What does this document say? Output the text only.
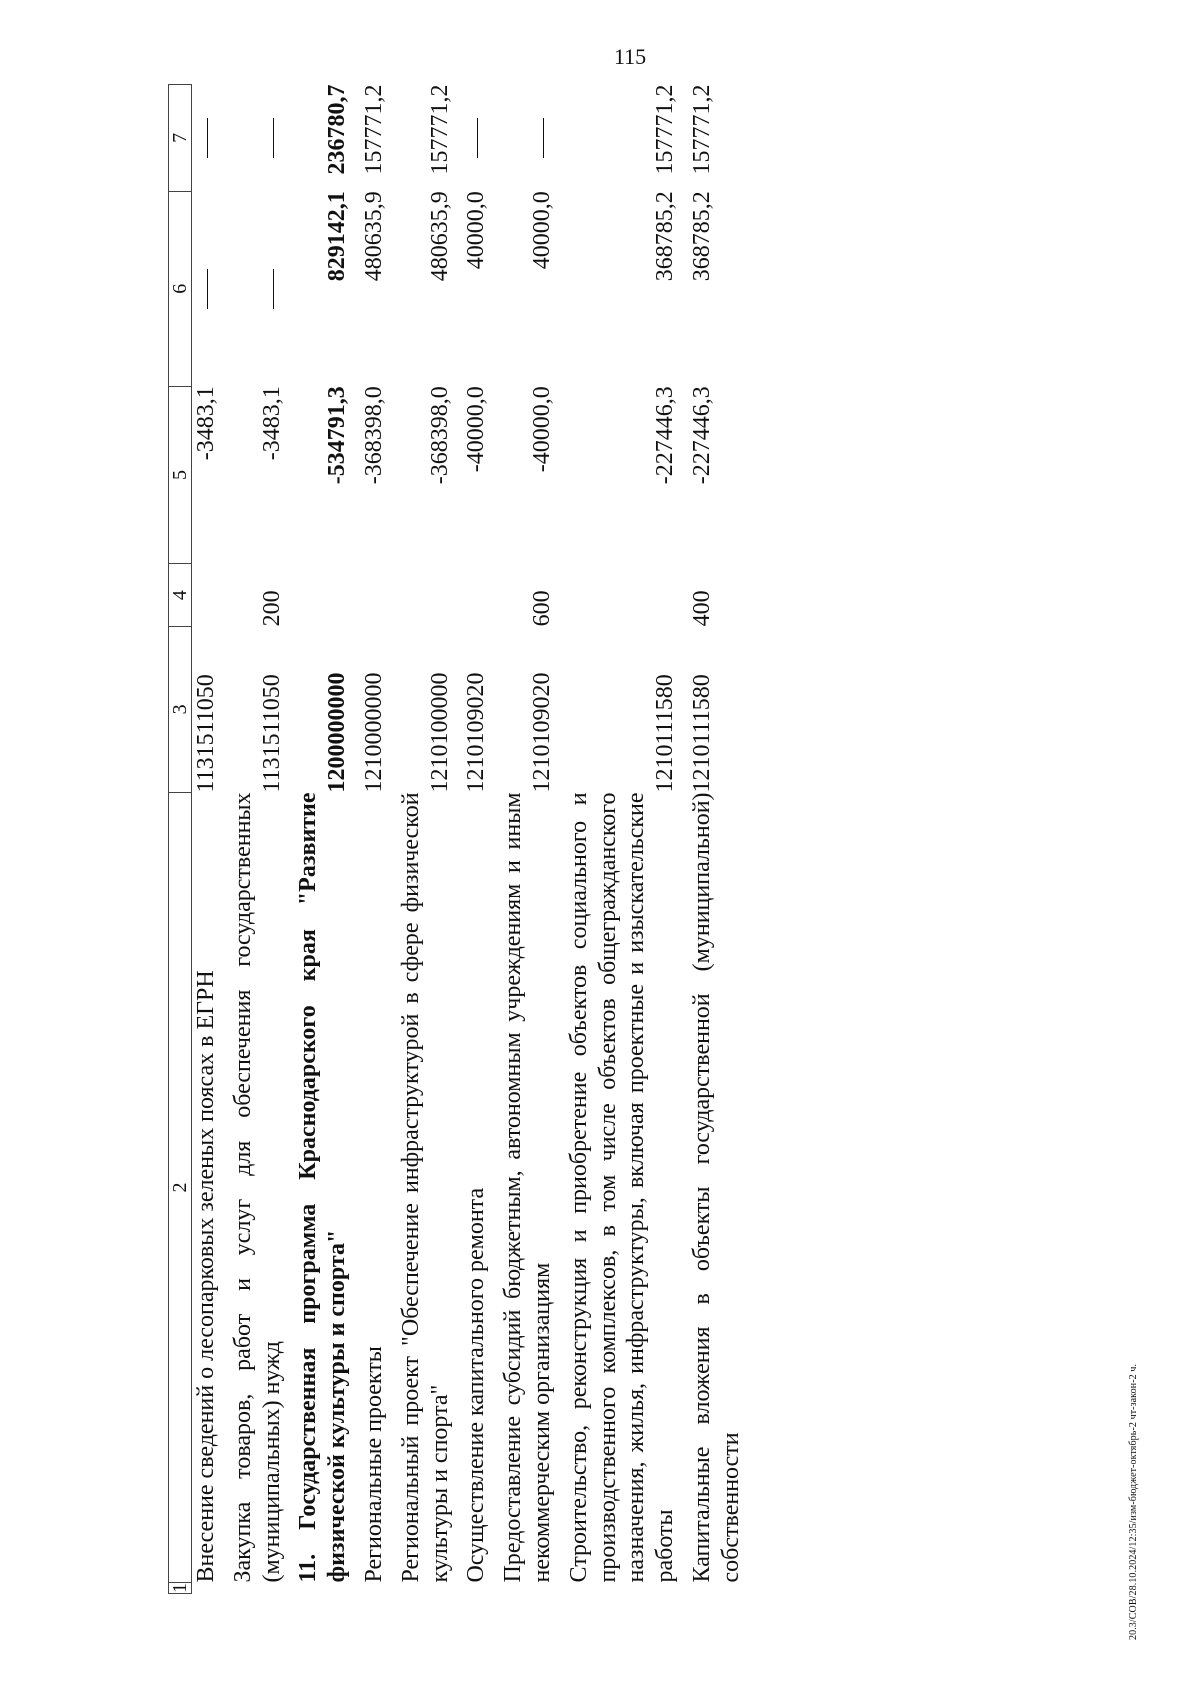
115
1	2	3	4	5	6	7
	Внесение сведений о лесопарковых зеленых поясах в ЕГРН	1131511050		-3483,1		
	Закупка товаров, работ и услуг для обеспечения государственных (муниципальных) нужд	1131511050	200	-3483,1		
	11. Государственная программа Краснодарского края "Развитие физической культуры и спорта"	1200000000		-534791,3	829142,1	236780,7
	Региональные проекты	1210000000		-368398,0	480635,9	157771,2
	Региональный проект "Обеспечение инфраструктурой в сфере физической культуры и спорта"	1210100000		-368398,0	480635,9	157771,2
	Осуществление капитального ремонта	1210109020		-40000,0	40000,0	
	Предоставление субсидий бюджетным, автономным учреждениям и иным некоммерческим организациям	1210109020	600	-40000,0	40000,0	
	Строительство, реконструкция и приобретение объектов социального и производственного комплексов, в том числе объектов общегражданского назначения, жилья, инфраструктуры, включая проектные и изыскательские работы	1210111580		-227446,3	368785,2	157771,2
	Капитальные вложения в объекты государственной (муниципальной) собственности	1210111580	400	-227446,3	368785,2	157771,2
20.3/СОВ/28.10.2024/12:35/изм-бюджет-октябрь-2 чт-закон-2 ч.
